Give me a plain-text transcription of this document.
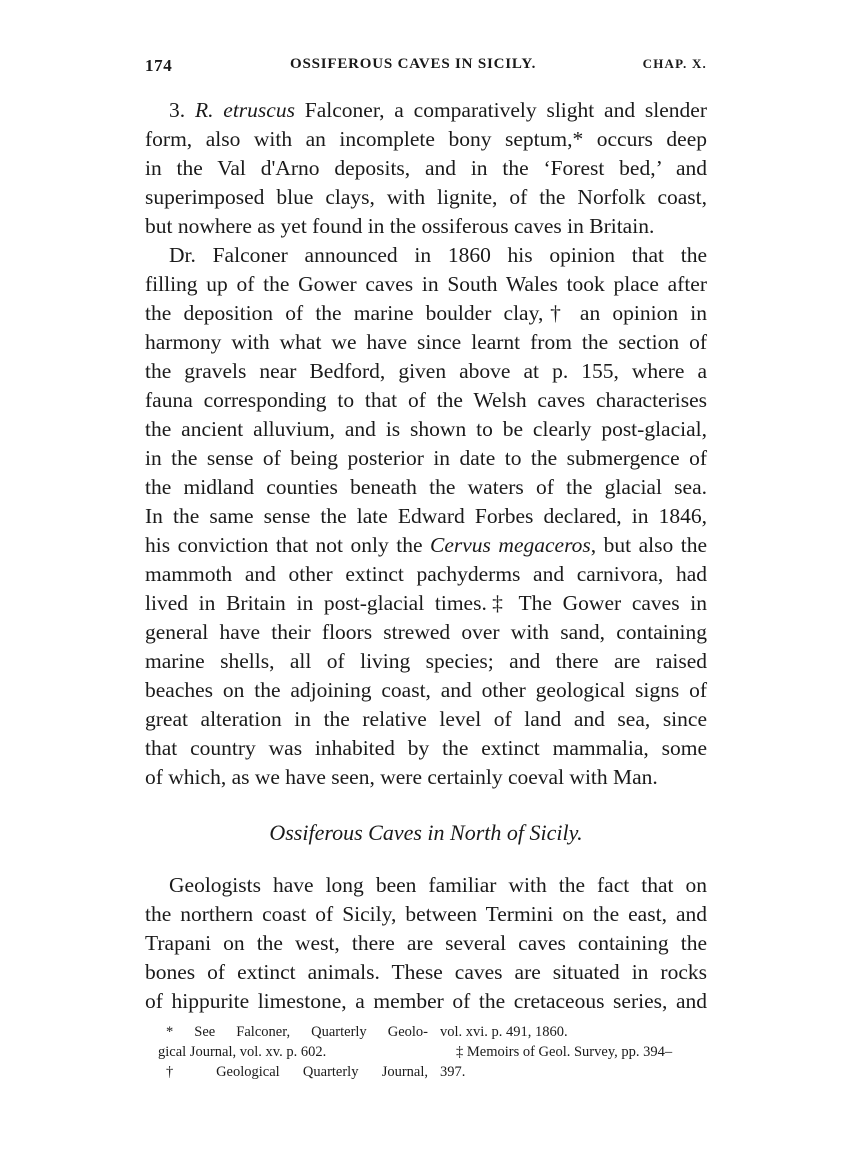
174	OSSIFEROUS CAVES IN SICILY.	CHAP. X.
3. R. etruscus Falconer, a comparatively slight and slender
form, also with an incomplete bony septum,* occurs deep
in the Val d'Arno deposits, and in the ‘Forest bed,’ and
superimposed blue clays, with lignite, of the Norfolk coast,
but nowhere as yet found in the ossiferous caves in Britain.
Dr. Falconer announced in 1860 his opinion that the
filling up of the Gower caves in South Wales took place after
the deposition of the marine boulder clay,† an opinion in
harmony with what we have since learnt from the section of
the gravels near Bedford, given above at p. 155, where a
fauna corresponding to that of the Welsh caves characterises
the ancient alluvium, and is shown to be clearly post-glacial,
in the sense of being posterior in date to the submergence of
the midland counties beneath the waters of the glacial sea.
In the same sense the late Edward Forbes declared, in 1846,
his conviction that not only the Cervus megaceros, but also the
mammoth and other extinct pachyderms and carnivora, had
lived in Britain in post-glacial times.‡ The Gower caves in
general have their floors strewed over with sand, containing
marine shells, all of living species; and there are raised
beaches on the adjoining coast, and other geological signs of
great alteration in the relative level of land and sea, since
that country was inhabited by the extinct mammalia, some
of which, as we have seen, were certainly coeval with Man.
Ossiferous Caves in North of Sicily.
Geologists have long been familiar with the fact that on
the northern coast of Sicily, between Termini on the east, and
Trapani on the west, there are several caves containing the
bones of extinct animals. These caves are situated in rocks
of hippurite limestone, a member of the cretaceous series, and
* See Falconer, Quarterly Geolo-
gical Journal, vol. xv. p. 602.
† Geological Quarterly Journal,
vol. xvi. p. 491, 1860.
‡ Memoirs of Geol. Survey, pp. 394–
397.
